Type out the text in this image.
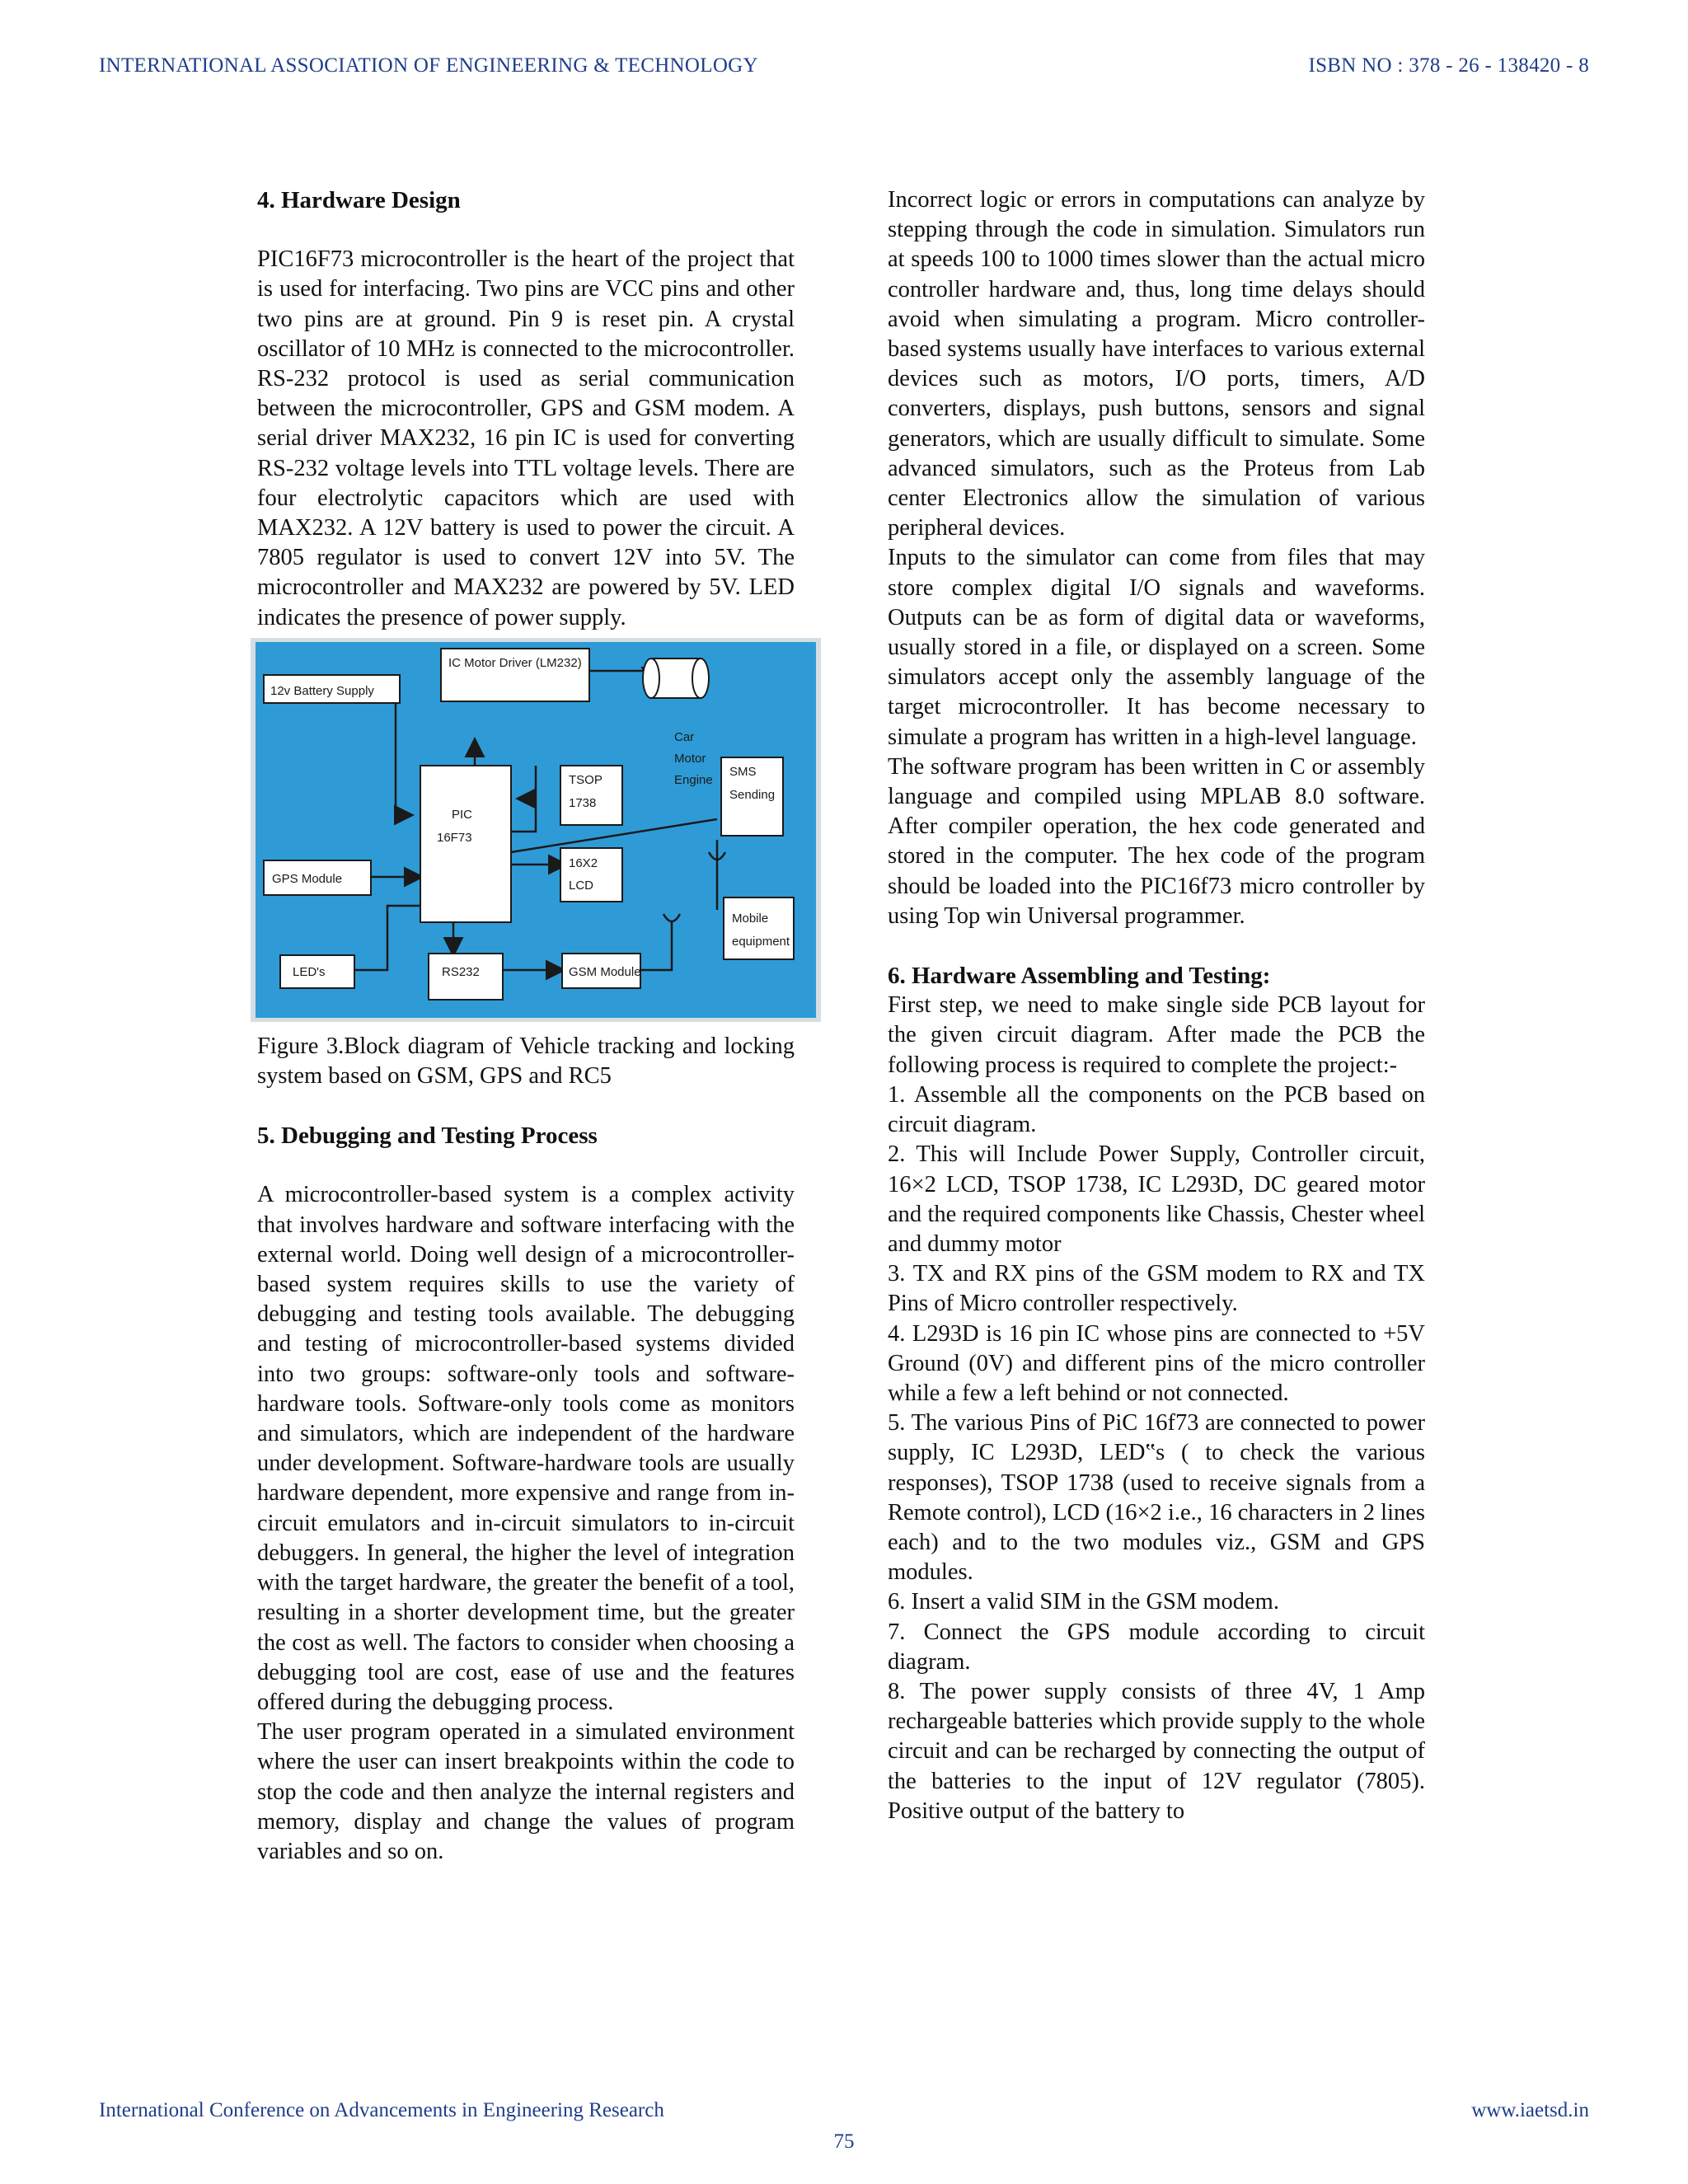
INTERNATIONAL ASSOCIATION OF ENGINEERING & TECHNOLOGY	ISBN NO : 378 - 26 - 138420 - 8
4. Hardware Design

PIC16F73 microcontroller is the heart of the project that is used for interfacing. Two pins are VCC pins and other two pins are at ground. Pin 9 is reset pin. A crystal oscillator of 10 MHz is connected to the microcontroller. RS-232 protocol is used as serial communication between the microcontroller, GPS and GSM modem. A serial driver MAX232, 16 pin IC is used for converting RS-232 voltage levels into TTL voltage levels. There are four electrolytic capacitors which are used with MAX232. A 12V battery is used to power the circuit. A 7805 regulator is used to convert 12V into 5V. The microcontroller and MAX232 are powered by 5V. LED indicates the presence of power supply.

12v Battery Supply
IC Motor Driver (LM232)
Car
Motor
Engine
SMS
Sending
TSOP
1738
PIC
16F73
GPS Module
16X2
LCD
Mobile
equipment
LED's	RS232	GSM Module

Figure 3.Block diagram of Vehicle tracking and locking system based on GSM, GPS and RC5

5. Debugging and Testing Process

A microcontroller-based system is a complex activity that involves hardware and software interfacing with the external world. Doing well design of a microcontroller-based system requires skills to use the variety of debugging and testing tools available. The debugging and testing of microcontroller-based systems divided into two groups: software-only tools and software-hardware tools. Software-only tools come as monitors and simulators, which are independent of the hardware under development. Software-hardware tools are usually hardware dependent, more expensive and range from in-circuit emulators and in-circuit simulators to in-circuit debuggers. In general, the higher the level of integration with the target hardware, the greater the benefit of a tool, resulting in a shorter development time, but the greater the cost as well. The factors to consider when choosing a debugging tool are cost, ease of use and the features offered during the debugging process.

The user program operated in a simulated environment where the user can insert breakpoints within the code to stop the code and then analyze the internal registers and memory, display and change the values of program variables and so on.

Incorrect logic or errors in computations can analyze by stepping through the code in simulation. Simulators run at speeds 100 to 1000 times slower than the actual micro controller hardware and, thus, long time delays should avoid when simulating a program. Micro controller-based systems usually have interfaces to various external devices such as motors, I/O ports, timers, A/D converters, displays, push buttons, sensors and signal generators, which are usually difficult to simulate. Some advanced simulators, such as the Proteus from Lab center Electronics allow the simulation of various peripheral devices.

Inputs to the simulator can come from files that may store complex digital I/O signals and waveforms. Outputs can be as form of digital data or waveforms, usually stored in a file, or displayed on a screen. Some simulators accept only the assembly language of the target microcontroller. It has become necessary to simulate a program has written in a high-level language.

The software program has been written in C or assembly language and compiled using MPLAB 8.0 software. After compiler operation, the hex code generated and stored in the computer. The hex code of the program should be loaded into the PIC16f73 micro controller by using Top win Universal programmer.

6. Hardware Assembling and Testing:

First step, we need to make single side PCB layout for the given circuit diagram. After made the PCB the following process is required to complete the project:-

1. Assemble all the components on the PCB based on circuit diagram.

2. This will Include Power Supply, Controller circuit, 16×2 LCD, TSOP 1738, IC L293D, DC geared motor and the required components like Chassis, Chester wheel and dummy motor

3. TX and RX pins of the GSM modem to RX and TX Pins of Micro controller respectively.

4. L293D is 16 pin IC whose pins are connected to +5V Ground (0V) and different pins of the micro controller while a few a left behind or not connected.

5. The various Pins of PiC 16f73 are connected to power supply, IC L293D, LED‟s ( to check the various responses), TSOP 1738 (used to receive signals from a Remote control), LCD (16×2 i.e., 16 characters in 2 lines each) and to the two modules viz., GSM and GPS modules.

6. Insert a valid SIM in the GSM modem.

7. Connect the GPS module according to circuit diagram.

8. The power supply consists of three 4V, 1 Amp rechargeable batteries which provide supply to the whole circuit and can be recharged by connecting the output of the batteries to the input of 12V regulator (7805). Positive output of the battery to

International Conference on Advancements in Engineering Research	www.iaetsd.in
75
